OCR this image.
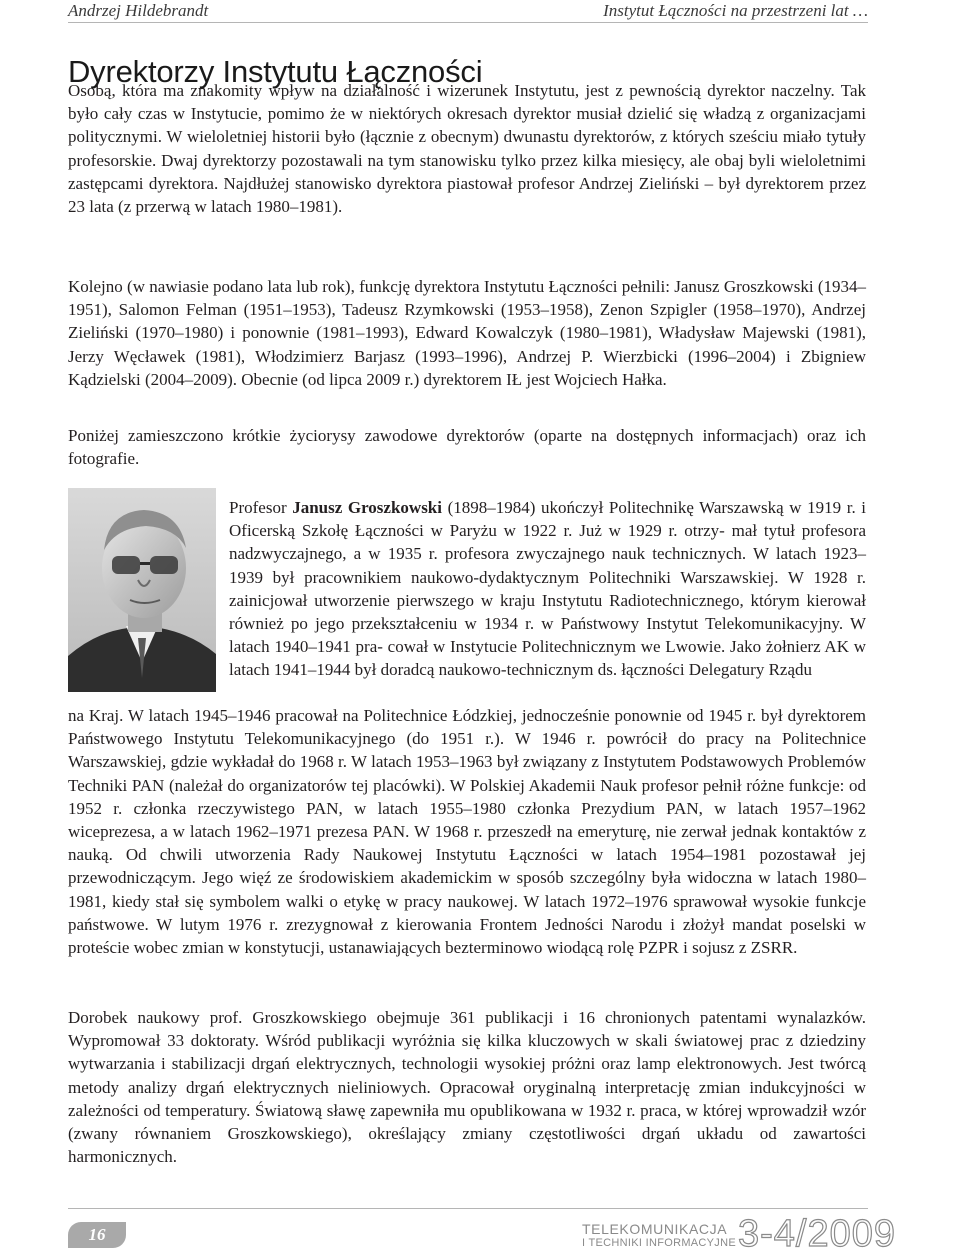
Andrzej Hildebrandt	Instytut Łączności na przestrzeni lat …
Dyrektorzy Instytutu Łączności

Osobą, która ma znakomity wpływ na działalność i wizerunek Instytutu, jest z pewnością dyrektor naczelny. Tak było cały czas w Instytucie, pomimo że w niektórych okresach dyrektor musiał dzielić się władzą z organizacjami politycznymi. W wieloletniej historii było (łącznie z obecnym) dwunastu dyrektorów, z których sześciu miało tytuły profesorskie. Dwaj dyrektorzy pozostawali na tym stanowisku tylko przez kilka miesięcy, ale obaj byli wieloletnimi zastępcami dyrektora. Najdłużej stanowisko dyrektora piastował profesor Andrzej Zieliński – był dyrektorem przez 23 lata (z przerwą w latach 1980–1981).

Kolejno (w nawiasie podano lata lub rok), funkcję dyrektora Instytutu Łączności pełnili: Janusz Groszkowski (1934–1951), Salomon Felman (1951–1953), Tadeusz Rzymkowski (1953–1958), Zenon Szpigler (1958–1970), Andrzej Zieliński (1970–1980) i ponownie (1981–1993), Edward Kowalczyk (1980–1981), Władysław Majewski (1981), Jerzy Węcławek (1981), Włodzimierz Barjasz (1993–1996), Andrzej P. Wierzbicki (1996–2004) i Zbigniew Kądzielski (2004–2009). Obecnie (od lipca 2009 r.) dyrektorem IŁ jest Wojciech Hałka.

Poniżej zamieszczono krótkie życiorysy zawodowe dyrektorów (oparte na dostępnych informacjach) oraz ich fotografie.

Profesor Janusz Groszkowski (1898–1984) ukończył Politechnikę Warszawską w 1919 r. i Oficerską Szkołę Łączności w Paryżu w 1922 r. Już w 1929 r. otrzy- mał tytuł profesora nadzwyczajnego, a w 1935 r. profesora zwyczajnego nauk technicznych. W latach 1923–1939 był pracownikiem naukowo-dydaktycznym Politechniki Warszawskiej. W 1928 r. zainicjował utworzenie pierwszego w kraju Instytutu Radiotechnicznego, którym kierował również po jego przekształceniu w 1934 r. w Państwowy Instytut Telekomunikacyjny. W latach 1940–1941 pra- cował w Instytucie Politechnicznym we Lwowie. Jako żołnierz AK w latach 1941–1944 był doradcą naukowo-technicznym ds. łączności Delegatury Rządu

na Kraj. W latach 1945–1946 pracował na Politechnice Łódzkiej, jednocześnie ponownie od 1945 r. był dyrektorem Państwowego Instytutu Telekomunikacyjnego (do 1951 r.). W 1946 r. powrócił do pracy na Politechnice Warszawskiej, gdzie wykładał do 1968 r. W latach 1953–1963 był związany z Instytutem Podstawowych Problemów Techniki PAN (należał do organizatorów tej placówki). W Polskiej Akademii Nauk profesor pełnił różne funkcje: od 1952 r. członka rzeczywistego PAN, w latach 1955–1980 członka Prezydium PAN, w latach 1957–1962 wiceprezesa, a w latach 1962–1971 prezesa PAN. W 1968 r. przeszedł na emeryturę, nie zerwał jednak kontaktów z nauką. Od chwili utworzenia Rady Naukowej Instytutu Łączności w latach 1954–1981 pozostawał jej przewodniczącym. Jego więź ze środowiskiem akademickim w sposób szczególny była widoczna w latach 1980–1981, kiedy stał się symbolem walki o etykę w pracy naukowej. W latach 1972–1976 sprawował wysokie funkcje państwowe. W lutym 1976 r. zrezygnował z kierowania Frontem Jedności Narodu i złożył mandat poselski w proteście wobec zmian w konstytucji, ustanawiających bezterminowo wiodącą rolę PZPR i sojusz z ZSRR.

Dorobek naukowy prof. Groszkowskiego obejmuje 361 publikacji i 16 chronionych patentami wynalazków. Wypromował 33 doktoraty. Wśród publikacji wyróżnia się kilka kluczowych w skali światowej prac z dziedziny wytwarzania i stabilizacji drgań elektrycznych, technologii wysokiej próżni oraz lamp elektronowych. Jest twórcą metody analizy drgań elektrycznych nieliniowych. Opracował oryginalną interpretację zmian indukcyjności w zależności od temperatury. Światową sławę zapewniła mu opublikowana w 1932 r. praca, w której wprowadził wzór (zwany równaniem Groszkowskiego), określający zmiany częstotliwości drgań układu od zawartości harmonicznych.

16	TELEKOMUNIKACJA
I TECHNIKI INFORMACYJNE 3-4/2009
